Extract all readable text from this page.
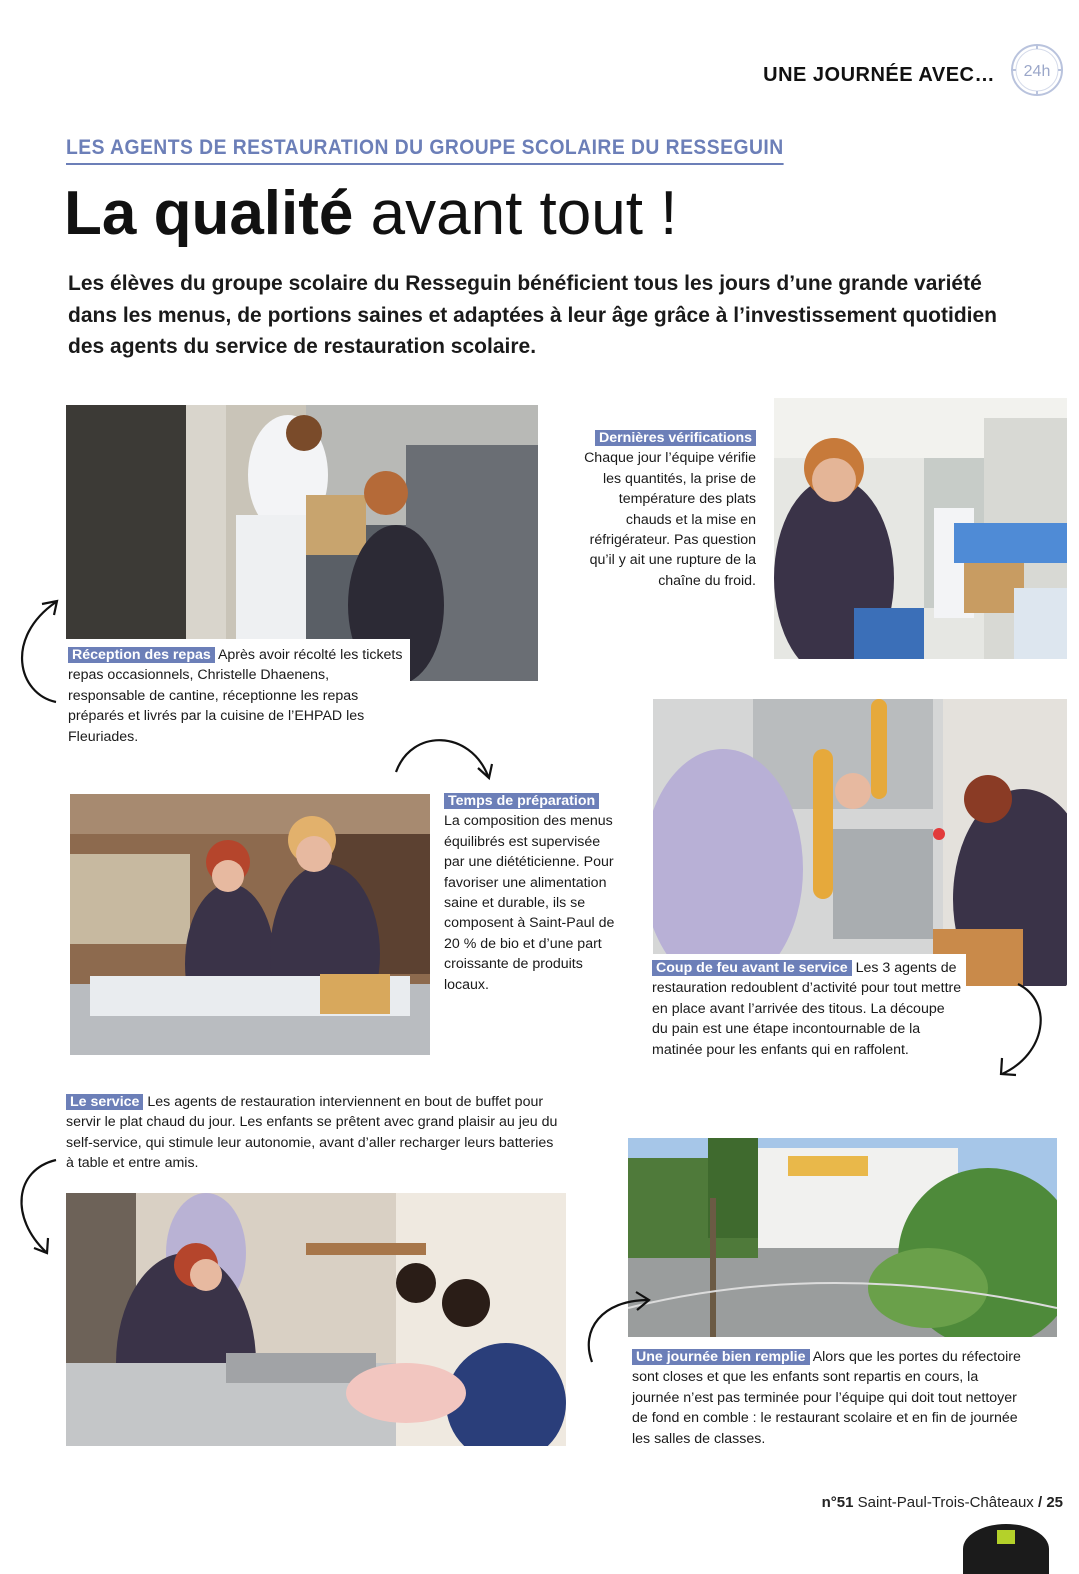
UNE JOURNÉE AVEC… 24h
LES AGENTS DE RESTAURATION DU GROUPE SCOLAIRE DU RESSEGUIN
La qualité avant tout !
Les élèves du groupe scolaire du Resseguin bénéficient tous les jours d’une grande variété dans les menus, de portions saines et adaptées à leur âge grâce à l’investissement quotidien des agents du service de restauration scolaire.
Réception des repas Après avoir récolté les tickets repas occasionnels, Christelle Dhaenens, responsable de cantine, réceptionne les repas préparés et livrés par la cuisine de l’EHPAD les Fleuriades.
Dernières vérifications
Chaque jour l’équipe vérifie les quantités, la prise de température des plats chauds et la mise en réfrigérateur. Pas question qu’il y ait une rupture de la chaîne du froid.
Temps de préparation
La composition des menus équilibrés est supervisée par une diététicienne. Pour favoriser une alimentation saine et durable, ils se composent à Saint-Paul de 20 % de bio et d’une part croissante de produits locaux.
Coup de feu avant le service Les 3 agents de restauration redoublent d’activité pour tout mettre en place avant l’arrivée des titous. La découpe du pain est une étape incontournable de la matinée pour les enfants qui en raffolent.
Le service Les agents de restauration interviennent en bout de buffet pour servir le plat chaud du jour. Les enfants se prêtent avec grand plaisir au jeu du self-service, qui stimule leur autonomie, avant d’aller recharger leurs batteries à table et entre amis.
Une journée bien remplie Alors que les portes du réfectoire sont closes et que les enfants sont repartis en cours, la journée n’est pas terminée pour l’équipe qui doit tout nettoyer de fond en comble : le restaurant scolaire et en fin de journée les salles de classes.
n°51 Saint-Paul-Trois-Châteaux / 25
